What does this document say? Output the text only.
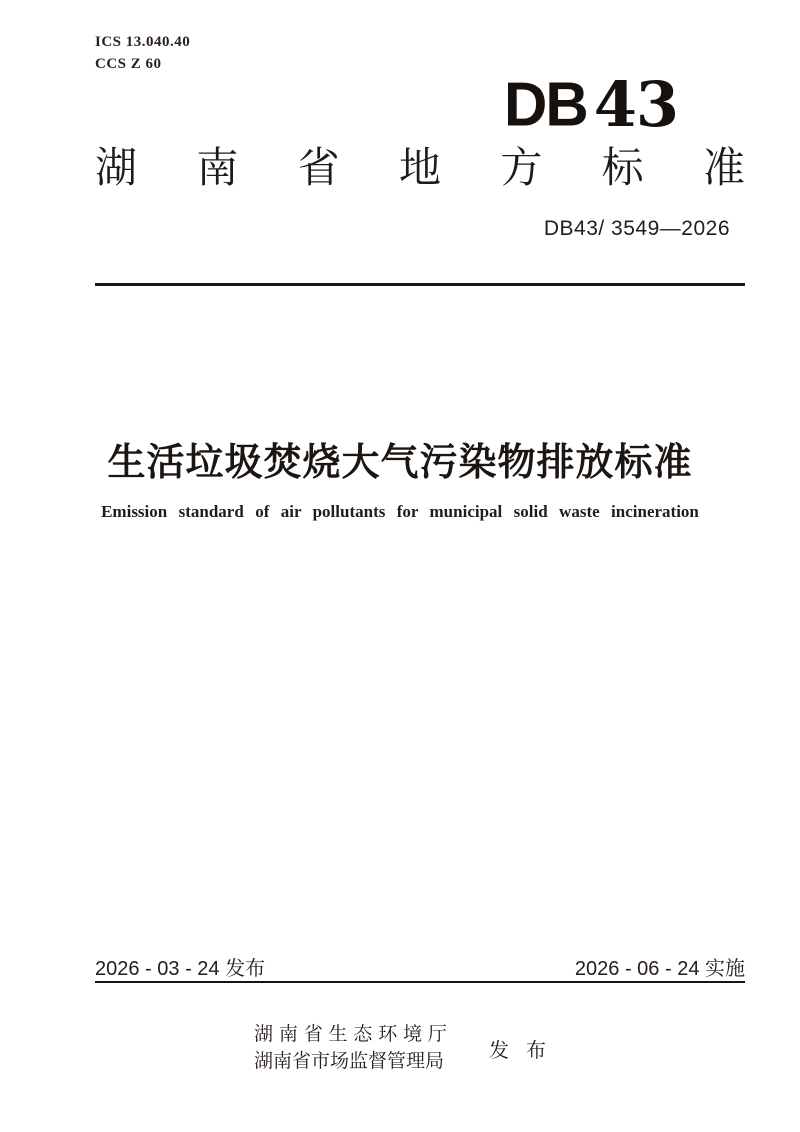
ICS 13.040.40
CCS Z 60
DB 43
湖 南 省 地 方 标 准
DB43/ 3549—2026
生活垃圾焚烧大气污染物排放标准
Emission standard of air pollutants for municipal solid waste incineration
2026 - 03 - 24 发布	2026 - 06 - 24 实施
湖 南 省 生 态 环 境 厅
湖南省市场监督管理局 发布
